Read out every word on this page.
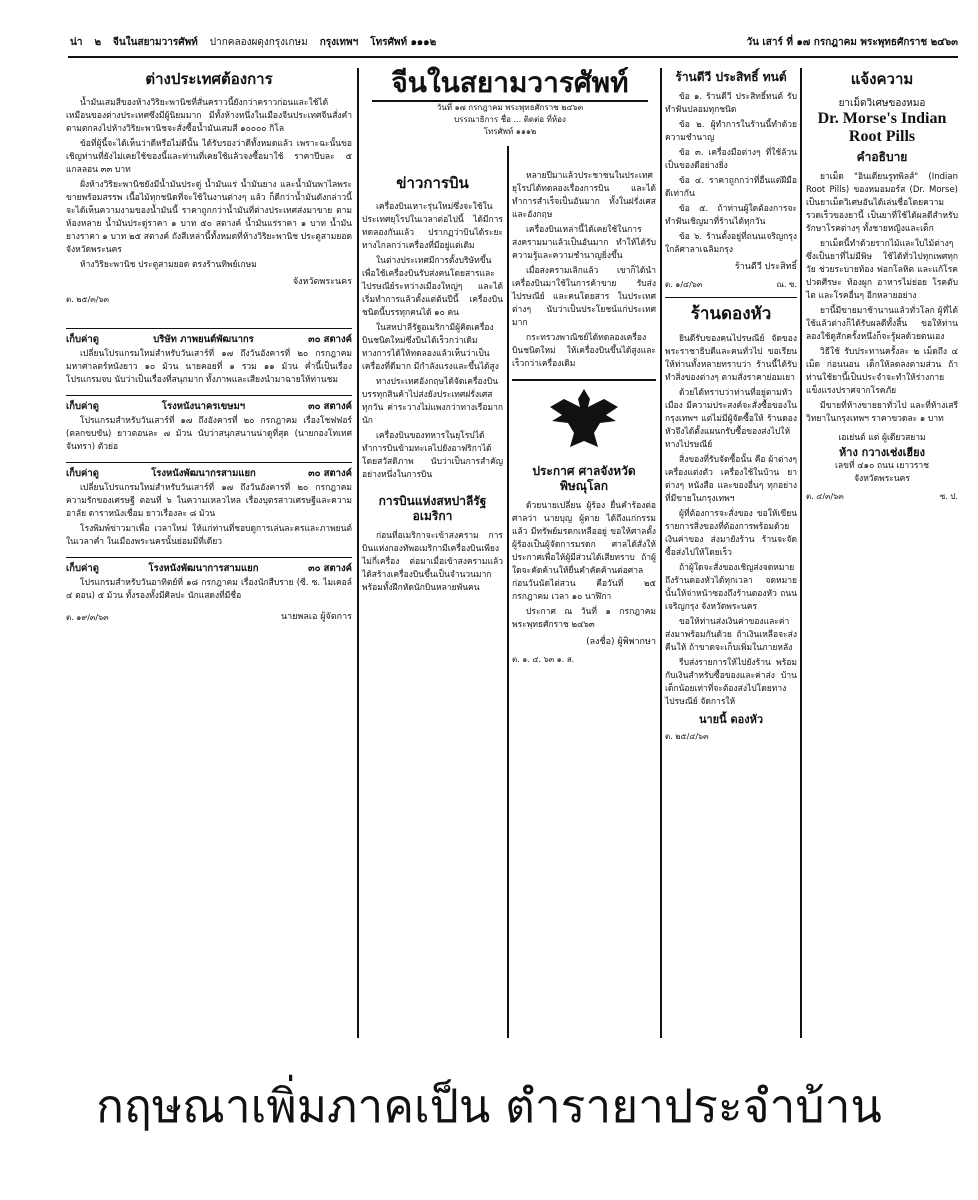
น่า ๒ จีนในสยามวารศัพท์ ปากคลองผดุงกรุงเกษม กรุงเทพฯ โทรศัพท์ ๑๑๑๒	วัน เสาร์ ที่ ๑๗ กรกฎาคม พระพุทธศักราช ๒๔๖๓
ต่างประเทศต้องการ

น้ำมันเสมสีของห้างวิริยะพานิชที่สั่นคราวนี้ยังกว่าคราวก่อนและใช้ได้เหมือนของต่างประเทศซึ่งมีผู้นิยมมาก มีทั้งห้างหนึ่งในเมืองจีนประเทศจีนสั่งคำตามตกลงไปห้างวิริยะพานิชจะสั่งซื้อน้ำมันเสมสี ๑๐๐๐๐ กิโล

ข้อที่ผู้นี้จะได้เห็นว่าดีหรือไม่ดีนั้น ได้รับรองว่าดีทั้งหมดแล้ว เพราะฉะนั้นขอเชิญท่านที่ยังไม่เคยใช้ของนี้และท่านที่เคยใช้แล้วจงซื้อมาใช้ ราคาปีบละ ๕ แกลลอน ๓๓ บาท

ฝั่งห้างวิริยะพานิชยังมีน้ำมันประดู่ น้ำมันแร่ น้ำมันยาง และน้ำมันพาไลพระ ขายพร้อมสรรพ เนื้อไม้ทุกชนิดที่จะใช้ในงานต่างๆ แล้ว ก็ดีกว่าน้ำมันดังกล่าวนี้จะได้เห็นความงามของน้ำมันนี้ ราคาถูกกว่าน้ำมันที่ต่างประเทศส่งมาขาย ตามห้องหลาย น้ำมันประดู่ราคา ๑ บาท ๕๐ สตางค์ น้ำมันแร่ราคา ๑ บาท น้ำมันยางราคา ๑ บาท ๒๕ สตางค์ ถังสีเหล่านี้ทั้งหมดที่ห้างวิริยะพานิช ประตูสามยอด จังหวัดพระนคร

ห้างวิริยะพานิช ประตูสามยอด ตรงร้านทิพย์เกษม

จังหวัดพระนคร
ต. ๒๕/๓/๖๓
เก็บค่าดู	บริษัท ภาพยนต์พัฒนากร	๓๐ สตางค์

เปลี่ยนโปรแกรมใหม่สำหรับวันเสาร์ที่ ๑๗ ถึงวันอังคารที่ ๒๐ กรกฎาคม มหาศาลตร์หนังยาว ๑๐ ม้วน นายคอยที่ ๑ รวม ๑๑ ม้วน ค่ำนี้เป็นเรื่องโปรแกรมจบ นับว่าเป็นเรื่องที่สนุกมาก ทั้งภาพและเสียงนำมาฉายให้ท่านชม

เก็บค่าดู	โรงหนังนาครเขษมฯ	๓๐ สตางค์

โปรแกรมสำหรับวันเสาร์ที่ ๑๗ ถึงอังคารที่ ๒๐ กรกฎาคม เรื่องโชฟฟอร์ (ตลกขบขัน) ยาวตอนละ ๗ ม้วน นับว่าสนุกสนานน่าดูที่สุด (นายกองโทเทศจันทรา) ตัวย่อ

เก็บค่าดู	โรงหนังพัฒนากรสามแยก	๓๐ สตางค์

เปลี่ยนโปรแกรมใหม่สำหรับวันเสาร์ที่ ๑๗ ถึงวันอังคารที่ ๒๐ กรกฎาคม ความรักของเศรษฐี ตอนที่ ๖ ในความเหลวไหล เรื่องบุตรสาวเศรษฐีและความอาลัย ดาราหนังเชื่อม ยาวเรื่องละ ๘ ม้วน

โรงพิมพ์ข่าวมาเพื่อ เวลาใหม่ ให้แก่ท่านที่ชอบดูการเล่นละครและภาพยนต์ในเวลาค่ำ ในเมืองพระนครนั้นย่อมมีที่เดียว

เก็บค่าดู	โรงหนังพัฒนาการสามแยก	๓๐ สตางค์

โปรแกรมสำหรับวันอาทิตย์ที่ ๑๘ กรกฎาคม เรื่องนักสืบราย (ซี. ซ. ไมเคอล์ ๔ ตอน) ๕ ม้วน ทั้งรองทั้งมีศิลปะ นักแสดงที่มีชื่อ

ต. ๑๙/๓/๖๓	นายพลเอ ผู้จัดการ
จีนในสยามวารศัพท์
วันที่ ๑๗ กรกฎาคม พระพุทธศักราช ๒๔๖๓
บรรณาธิการ ชื่อ ... ติดต่อ ที่ห้อง
โทรศัพท์ ๑๑๑๒
ข่าวการบิน

เครื่องบินเหาะรุ่นใหม่ซึ่งจะใช้ในประเทศยุโรปในเวลาต่อไปนี้ ได้มีการทดลองกันแล้ว ปรากฏว่าบินได้ระยะทางไกลกว่าเครื่องที่มีอยู่แต่เดิม

ในต่างประเทศมีการตั้งบริษัทขึ้นเพื่อใช้เครื่องบินรับส่งคนโดยสารและไปรษณีย์ระหว่างเมืองใหญ่ๆ และได้เริ่มทำการแล้วตั้งแต่ต้นปีนี้ เครื่องบินชนิดนี้บรรทุกคนได้ ๑๐ คน

ในสหปาลีรัฐอเมริกามีผู้คิดเครื่องบินชนิดใหม่ซึ่งบินได้เร็วกว่าเดิม ทางการได้ให้ทดลองแล้วเห็นว่าเป็นเครื่องที่ดีมาก มีกำลังแรงและขึ้นได้สูง

ทางประเทศอังกฤษได้จัดเครื่องบินบรรทุกสินค้าไปส่งยังประเทศฝรั่งเศสทุกวัน ค่าระวางไม่แพงกว่าทางเรือมากนัก

เครื่องบินของทหารในยุโรปได้ทำการบินข้ามทะเลไปยังอาฟริกาได้โดยสวัสดิภาพ นับว่าเป็นการสำคัญอย่างหนึ่งในการบิน

การบินแห่งสหปาลีรัฐอเมริกา

ก่อนที่อเมริกาจะเข้าสงคราม การบินแห่งกองทัพอเมริกามีเครื่องบินเพียงไม่กี่เครื่อง ต่อมาเมื่อเข้าสงครามแล้วได้สร้างเครื่องบินขึ้นเป็นจำนวนมาก พร้อมทั้งฝึกหัดนักบินหลายพันคน

หลายปีมาแล้วประชาชนในประเทศยุโรปได้ทดลองเรื่องการบิน และได้ทำการสำเร็จเป็นอันมาก ทั้งในฝรั่งเศสและอังกฤษ

เครื่องบินเหล่านี้ได้เคยใช้ในการสงครามมาแล้วเป็นอันมาก ทำให้ได้รับความรู้และความชำนาญยิ่งขึ้น

เมื่อสงครามเลิกแล้ว เขาก็ได้นำเครื่องบินมาใช้ในการค้าขาย รับส่งไปรษณีย์ และคนโดยสาร ในประเทศต่างๆ นับว่าเป็นประโยชน์แก่ประเทศมาก

กระทรวงพาณิชย์ได้ทดลองเครื่องบินชนิดใหม่ ให้เครื่องบินขึ้นได้สูงและเร็วกว่าเครื่องเดิม

ประกาศ ศาลจังหวัดพิษณุโลก

ด้วยนายเปลี่ยน ผู้ร้อง ยื่นคำร้องต่อศาลว่า นายบุญ ผู้ตาย ได้ถึงแก่กรรมแล้ว มีทรัพย์มรดกเหลืออยู่ ขอให้ศาลตั้งผู้ร้องเป็นผู้จัดการมรดก ศาลได้สั่งให้ประกาศเพื่อให้ผู้มีส่วนได้เสียทราบ ถ้าผู้ใดจะคัดค้านให้ยื่นคำคัดค้านต่อศาลก่อนวันนัดไต่สวน คือวันที่ ๒๕ กรกฎาคม เวลา ๑๐ นาฬิกา

ประกาศ ณ วันที่ ๑ กรกฎาคม พระพุทธศักราช ๒๔๖๓

(ลงชื่อ) ผู้พิพากษา
ต. ๑. ๔. ๖๓ ๑. ส.
ร้านดีวี ประสิทธิ์ ทนต์

ข้อ ๑. ร้านดีวี ประสิทธิ์ทนต์ รับทำฟันปลอมทุกชนิด

ข้อ ๒. ผู้ทำการในร้านนี้ทำด้วยความชำนาญ

ข้อ ๓. เครื่องมือต่างๆ ที่ใช้ล้วนเป็นของดีอย่างยิ่ง

ข้อ ๔. ราคาถูกกว่าที่อื่นแต่ฝีมือดีเท่ากัน

ข้อ ๕. ถ้าท่านผู้ใดต้องการจะทำฟันเชิญมาที่ร้านได้ทุกวัน

ข้อ ๖. ร้านตั้งอยู่ที่ถนนเจริญกรุง ใกล้ศาลาเฉลิมกรุง

ร้านดีวี ประสิทธิ์
ต. ๑/๔/๖๓	ณ. ซ.
ร้านดองหัว

ยินดีรับของคนไปรษณีย์ จัดของพระราชาธิบดีและคนทั่วไป ขอเรียนให้ท่านทั้งหลายทราบว่า ร้านนี้ได้รับทำสิ่งของต่างๆ ตามสั่งราคาย่อมเยา

ด้วยได้ทราบว่าท่านที่อยู่ตามหัวเมือง มีความประสงค์จะสั่งซื้อของในกรุงเทพฯ แต่ไม่มีผู้จัดซื้อให้ ร้านดองหัวจึงได้ตั้งแผนกรับซื้อของส่งไปให้ทางไปรษณีย์

สิ่งของที่รับจัดซื้อนั้น คือ ผ้าต่างๆ เครื่องแต่งตัว เครื่องใช้ในบ้าน ยาต่างๆ หนังสือ และของอื่นๆ ทุกอย่างที่มีขายในกรุงเทพฯ

ผู้ที่ต้องการจะสั่งของ ขอให้เขียนรายการสิ่งของที่ต้องการพร้อมด้วยเงินค่าของ ส่งมายังร้าน ร้านจะจัดซื้อส่งไปให้โดยเร็ว

ถ้าผู้ใดจะสั่งของเชิญส่งจดหมายถึงร้านดองหัวได้ทุกเวลา จดหมายนั้นให้จ่าหน้าซองถึงร้านดองหัว ถนนเจริญกรุง จังหวัดพระนคร

ขอให้ท่านส่งเงินค่าของและค่าส่งมาพร้อมกันด้วย ถ้าเงินเหลือจะส่งคืนให้ ถ้าขาดจะเก็บเพิ่มในภายหลัง

รีบส่งรายการให้ไปยังร้าน พร้อมกับเงินสำหรับซื้อของและค่าส่ง บ้านเด็กน้อยเท่าที่จะต้องส่งไปโดยทางไปรษณีย์ จัดการให้

นายนี้ ดองหัว
ต. ๒๕/๔/๖๓
แจ้งความ
ยาเม็ดวิเศษของหมอ
Dr. Morse's Indian Root Pills
คำอธิบาย

ยาเม็ด "อินเดียนรูทพิลส์" (Indian Root Pills) ของหมอมอร์ส (Dr. Morse) เป็นยาเม็ดวิเศษอันได้เล่นชื่อโดยความรวดเร็วของยานี้ เป็นยาที่ใช้ได้ผลดีสำหรับรักษาโรคต่างๆ ทั้งชายหญิงและเด็ก

ยาเม็ดนี้ทำด้วยรากไม้และใบไม้ต่างๆ ซึ่งเป็นยาที่ไม่มีพิษ ใช้ได้ทั่วไปทุกเพศทุกวัย ช่วยระบายท้อง ฟอกโลหิต และแก้โรคปวดศีรษะ ท้องผูก อาหารไม่ย่อย โรคตับ ไต และโรคอื่นๆ อีกหลายอย่าง

ยานี้มีขายมาช้านานแล้วทั่วโลก ผู้ที่ได้ใช้แล้วต่างก็ได้รับผลดีทั้งสิ้น ขอให้ท่านลองใช้ดูสักครั้งหนึ่งก็จะรู้ผลด้วยตนเอง

วิธีใช้ รับประทานครั้งละ ๒ เม็ดถึง ๔ เม็ด ก่อนนอน เด็กให้ลดลงตามส่วน ถ้าท่านใช้ยานี้เป็นประจำจะทำให้ร่างกายแข็งแรงปราศจากโรคภัย

มีขายที่ห้างขายยาทั่วไป และที่ห้างเสรีวิทยาในกรุงเทพฯ ราคาขวดละ ๑ บาท

เอเย่นต์ แต่ ผู้เดียวสยาม
ห้าง กวางเช่งเฮียง
เลขที่ ๔๑๐ ถนน เยาวราช
จังหวัดพระนคร
ต. ๔/๓/๖๓	ซ. ป.
กฤษณาเพิ่มภาคเป็น ตำรายาประจำบ้าน
